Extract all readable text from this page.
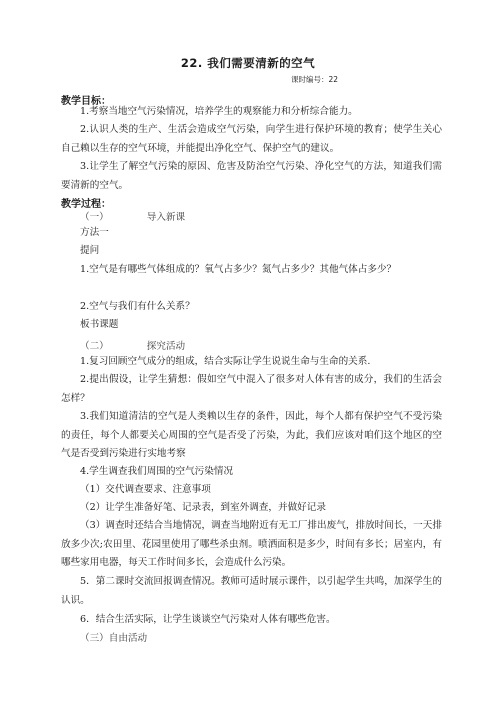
22. 我们需要清新的空气
课时编号：22
教学目标：

1.考察当地空气污染情况，培养学生的观察能力和分析综合能力。

2.认识人类的生产、生活会造成空气污染，向学生进行保护环境的教育；使学生关心自己赖以生存的空气环境，并能提出净化空气、保护空气的建议。

3.让学生了解空气污染的原因、危害及防治空气污染、净化空气的方法，知道我们需要清新的空气。

教学过程：
（一）	导入新课

方法一

提问

1.空气是有哪些气体组成的？氧气占多少？氮气占多少？其他气体占多少？

2.空气与我们有什么关系？

板书课题

（二）	探究活动

1.复习回顾空气成分的组成，结合实际让学生说说生命与生命的关系.

2.提出假设，让学生猜想：假如空气中混入了很多对人体有害的成分，我们的生活会怎样？

3.我们知道清洁的空气是人类赖以生存的条件，因此，每个人都有保护空气不受污染的责任，每个人都要关心周围的空气是否受了污染，为此，我们应该对咱们这个地区的空气是否受到污染进行实地考察

4.学生调查我们周围的空气污染情况

（1）交代调查要求、注意事项

（2）让学生准备好笔、记录表，到室外调查，并做好记录

（3）调查时还结合当地情况，调查当地附近有无工厂排出废气，排放时间长，一天排放多少次;农田里、花园里使用了哪些杀虫剂。喷洒面积是多少，时间有多长；居室内，有哪些家用电器，每天工作时间多长，会造成什么污染。

5．第二课时交流回报调查情况。教师可适时展示课件，以引起学生共鸣，加深学生的认识。

6．结合生活实际，让学生谈谈空气污染对人体有哪些危害。

（三）自由活动
